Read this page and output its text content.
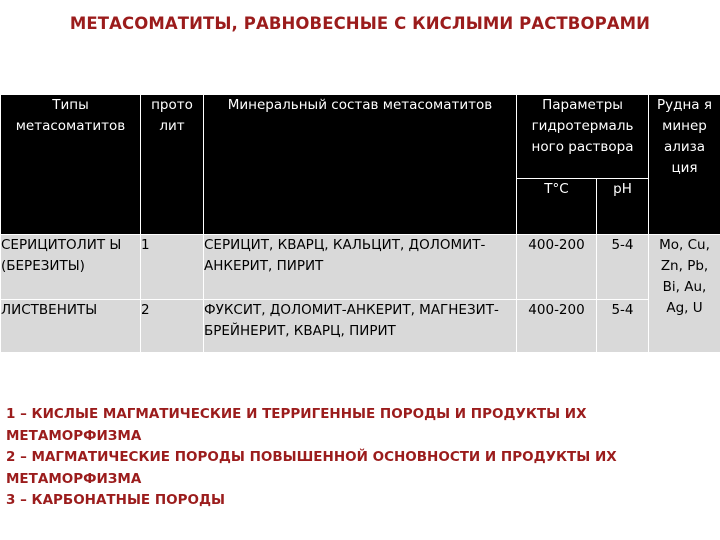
МЕТАСОМАТИТЫ, РАВНОВЕСНЫЕ С КИСЛЫМИ РАСТВОРАМИ
Типы метасоматитов	прото лит	Минеральный состав метасоматитов	Параметры гидротермаль ного раствора		Рудна я минер ализа ция
			T°C	pH	
СЕРИЦИТОЛИТ Ы (БЕРЕЗИТЫ)	1	СЕРИЦИТ, КВАРЦ, КАЛЬЦИТ, ДОЛОМИТ-АНКЕРИТ, ПИРИТ	400-200	5-4	Mo, Cu, Zn, Pb, Bi, Au, Ag, U
ЛИСТВЕНИТЫ	2	ФУКСИТ, ДОЛОМИТ-АНКЕРИТ, МАГНЕЗИТ-БРЕЙНЕРИТ, КВАРЦ, ПИРИТ	400-200	5-4	
1 – КИСЛЫЕ МАГМАТИЧЕСКИЕ И ТЕРРИГЕННЫЕ ПОРОДЫ И ПРОДУКТЫ ИХ МЕТАМОРФИЗМА
2 – МАГМАТИЧЕСКИЕ ПОРОДЫ ПОВЫШЕННОЙ ОСНОВНОСТИ И ПРОДУКТЫ ИХ МЕТАМОРФИЗМА
3 – КАРБОНАТНЫЕ ПОРОДЫ
